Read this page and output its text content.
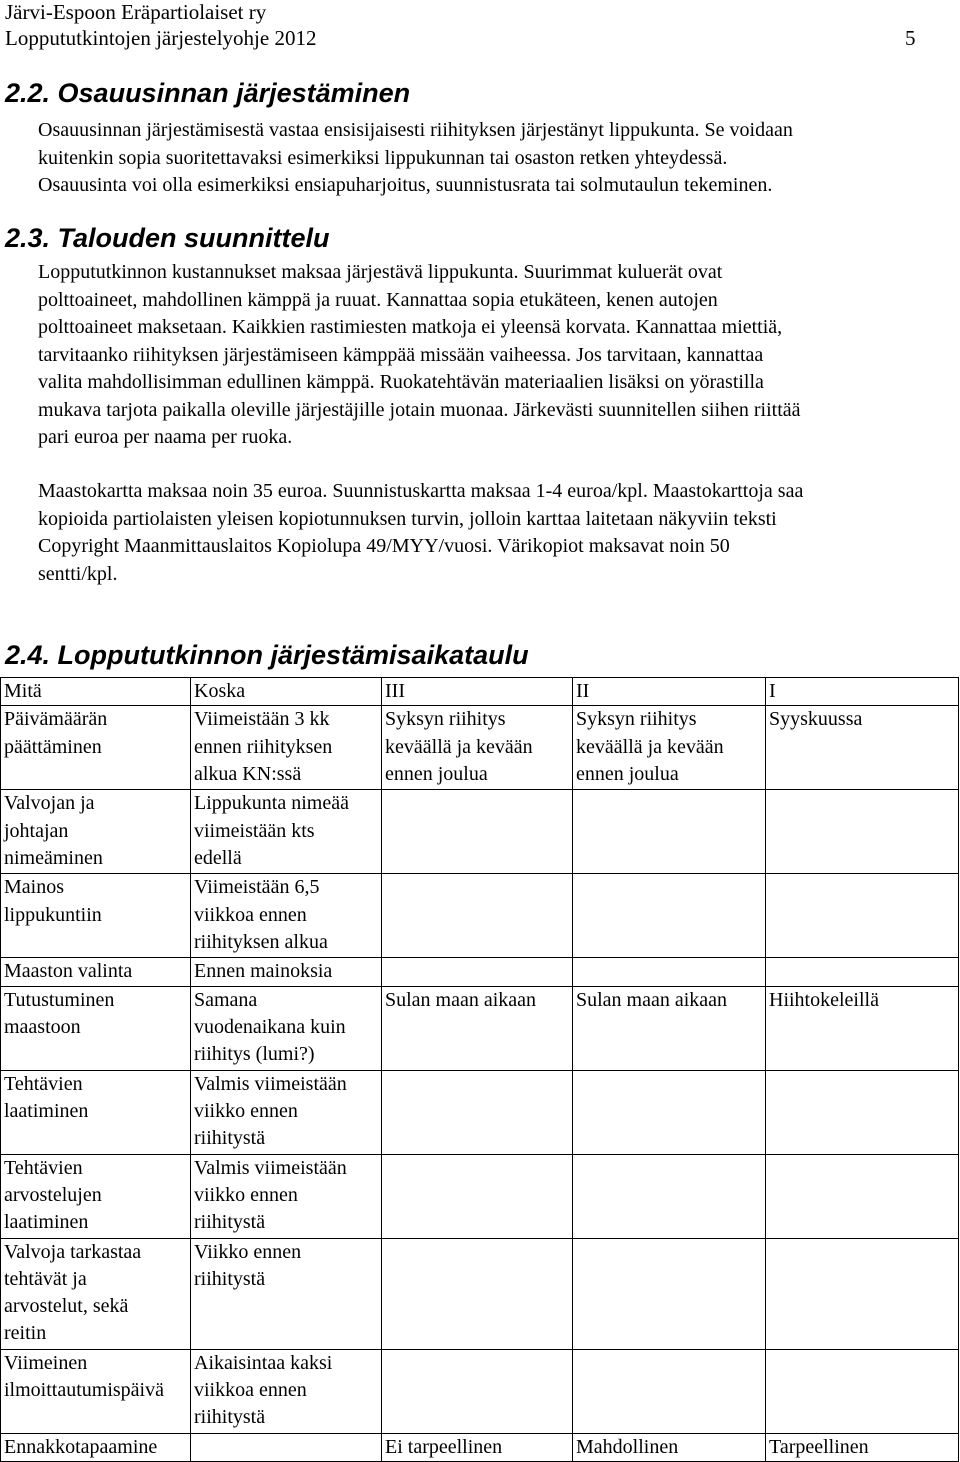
Järvi-Espoon Eräpartiolaiset ry
Loppututkintojen järjestelyohje 2012	5
2.2. Osauusinnan järjestäminen
Osauusinnan järjestämisestä vastaa ensisijaisesti riihityksen järjestänyt lippukunta. Se voidaan
kuitenkin sopia suoritettavaksi esimerkiksi lippukunnan tai osaston retken yhteydessä.
Osauusinta voi olla esimerkiksi ensiapuharjoitus, suunnistusrata tai solmutaulun tekeminen.
2.3. Talouden suunnittelu
Loppututkinnon kustannukset maksaa järjestävä lippukunta. Suurimmat kuluerät ovat
polttoaineet, mahdollinen kämppä ja ruuat. Kannattaa sopia etukäteen, kenen autojen
polttoaineet maksetaan. Kaikkien rastimiesten matkoja ei yleensä korvata. Kannattaa miettiä,
tarvitaanko riihityksen järjestämiseen kämppää missään vaiheessa. Jos tarvitaan, kannattaa
valita mahdollisimman edullinen kämppä. Ruokatehtävän materiaalien lisäksi on yörastilla
mukava tarjota paikalla oleville järjestäjille jotain muonaa. Järkevästi suunnitellen siihen riittää
pari euroa per naama per ruoka.
Maastokartta maksaa noin 35 euroa. Suunnistuskartta maksaa 1-4 euroa/kpl. Maastokarttoja saa
kopioida partiolaisten yleisen kopiotunnuksen turvin, jolloin karttaa laitetaan näkyviin teksti
Copyright Maanmittauslaitos Kopiolupa 49/MYY/vuosi. Värikopiot maksavat noin 50
sentti/kpl.
2.4. Loppututkinnon järjestämisaikataulu
Mitä	Koska	III	II	I

Päivämäärän
päättäminen	Viimeistään 3 kk
ennen riihityksen
alkua KN:ssä	Syksyn riihitys
keväällä ja kevään
ennen joulua	Syksyn riihitys
keväällä ja kevään
ennen joulua	Syyskuussa

Valvojan ja
johtajan
nimeäminen	Lippukunta nimeää
viimeistään kts
edellä			

Mainos
lippukuntiin	Viimeistään 6,5
viikkoa ennen
riihityksen alkua			

Maaston valinta	Ennen mainoksia			

Tutustuminen
maastoon	Samana
vuodenaikana kuin
riihitys (lumi?)	Sulan maan aikaan	Sulan maan aikaan	Hiihtokeleillä

Tehtävien
laatiminen	Valmis viimeistään
viikko ennen
riihitystä			

Tehtävien
arvostelujen
laatiminen	Valmis viimeistään
viikko ennen
riihitystä			

Valvoja tarkastaa
tehtävät ja
arvostelut, sekä
reitin	Viikko ennen
riihitystä			

Viimeinen
ilmoittautumispäivä	Aikaisintaa kaksi
viikkoa ennen
riihitystä			

Ennakkotapaamine		Ei tarpeellinen	Mahdollinen	Tarpeellinen
